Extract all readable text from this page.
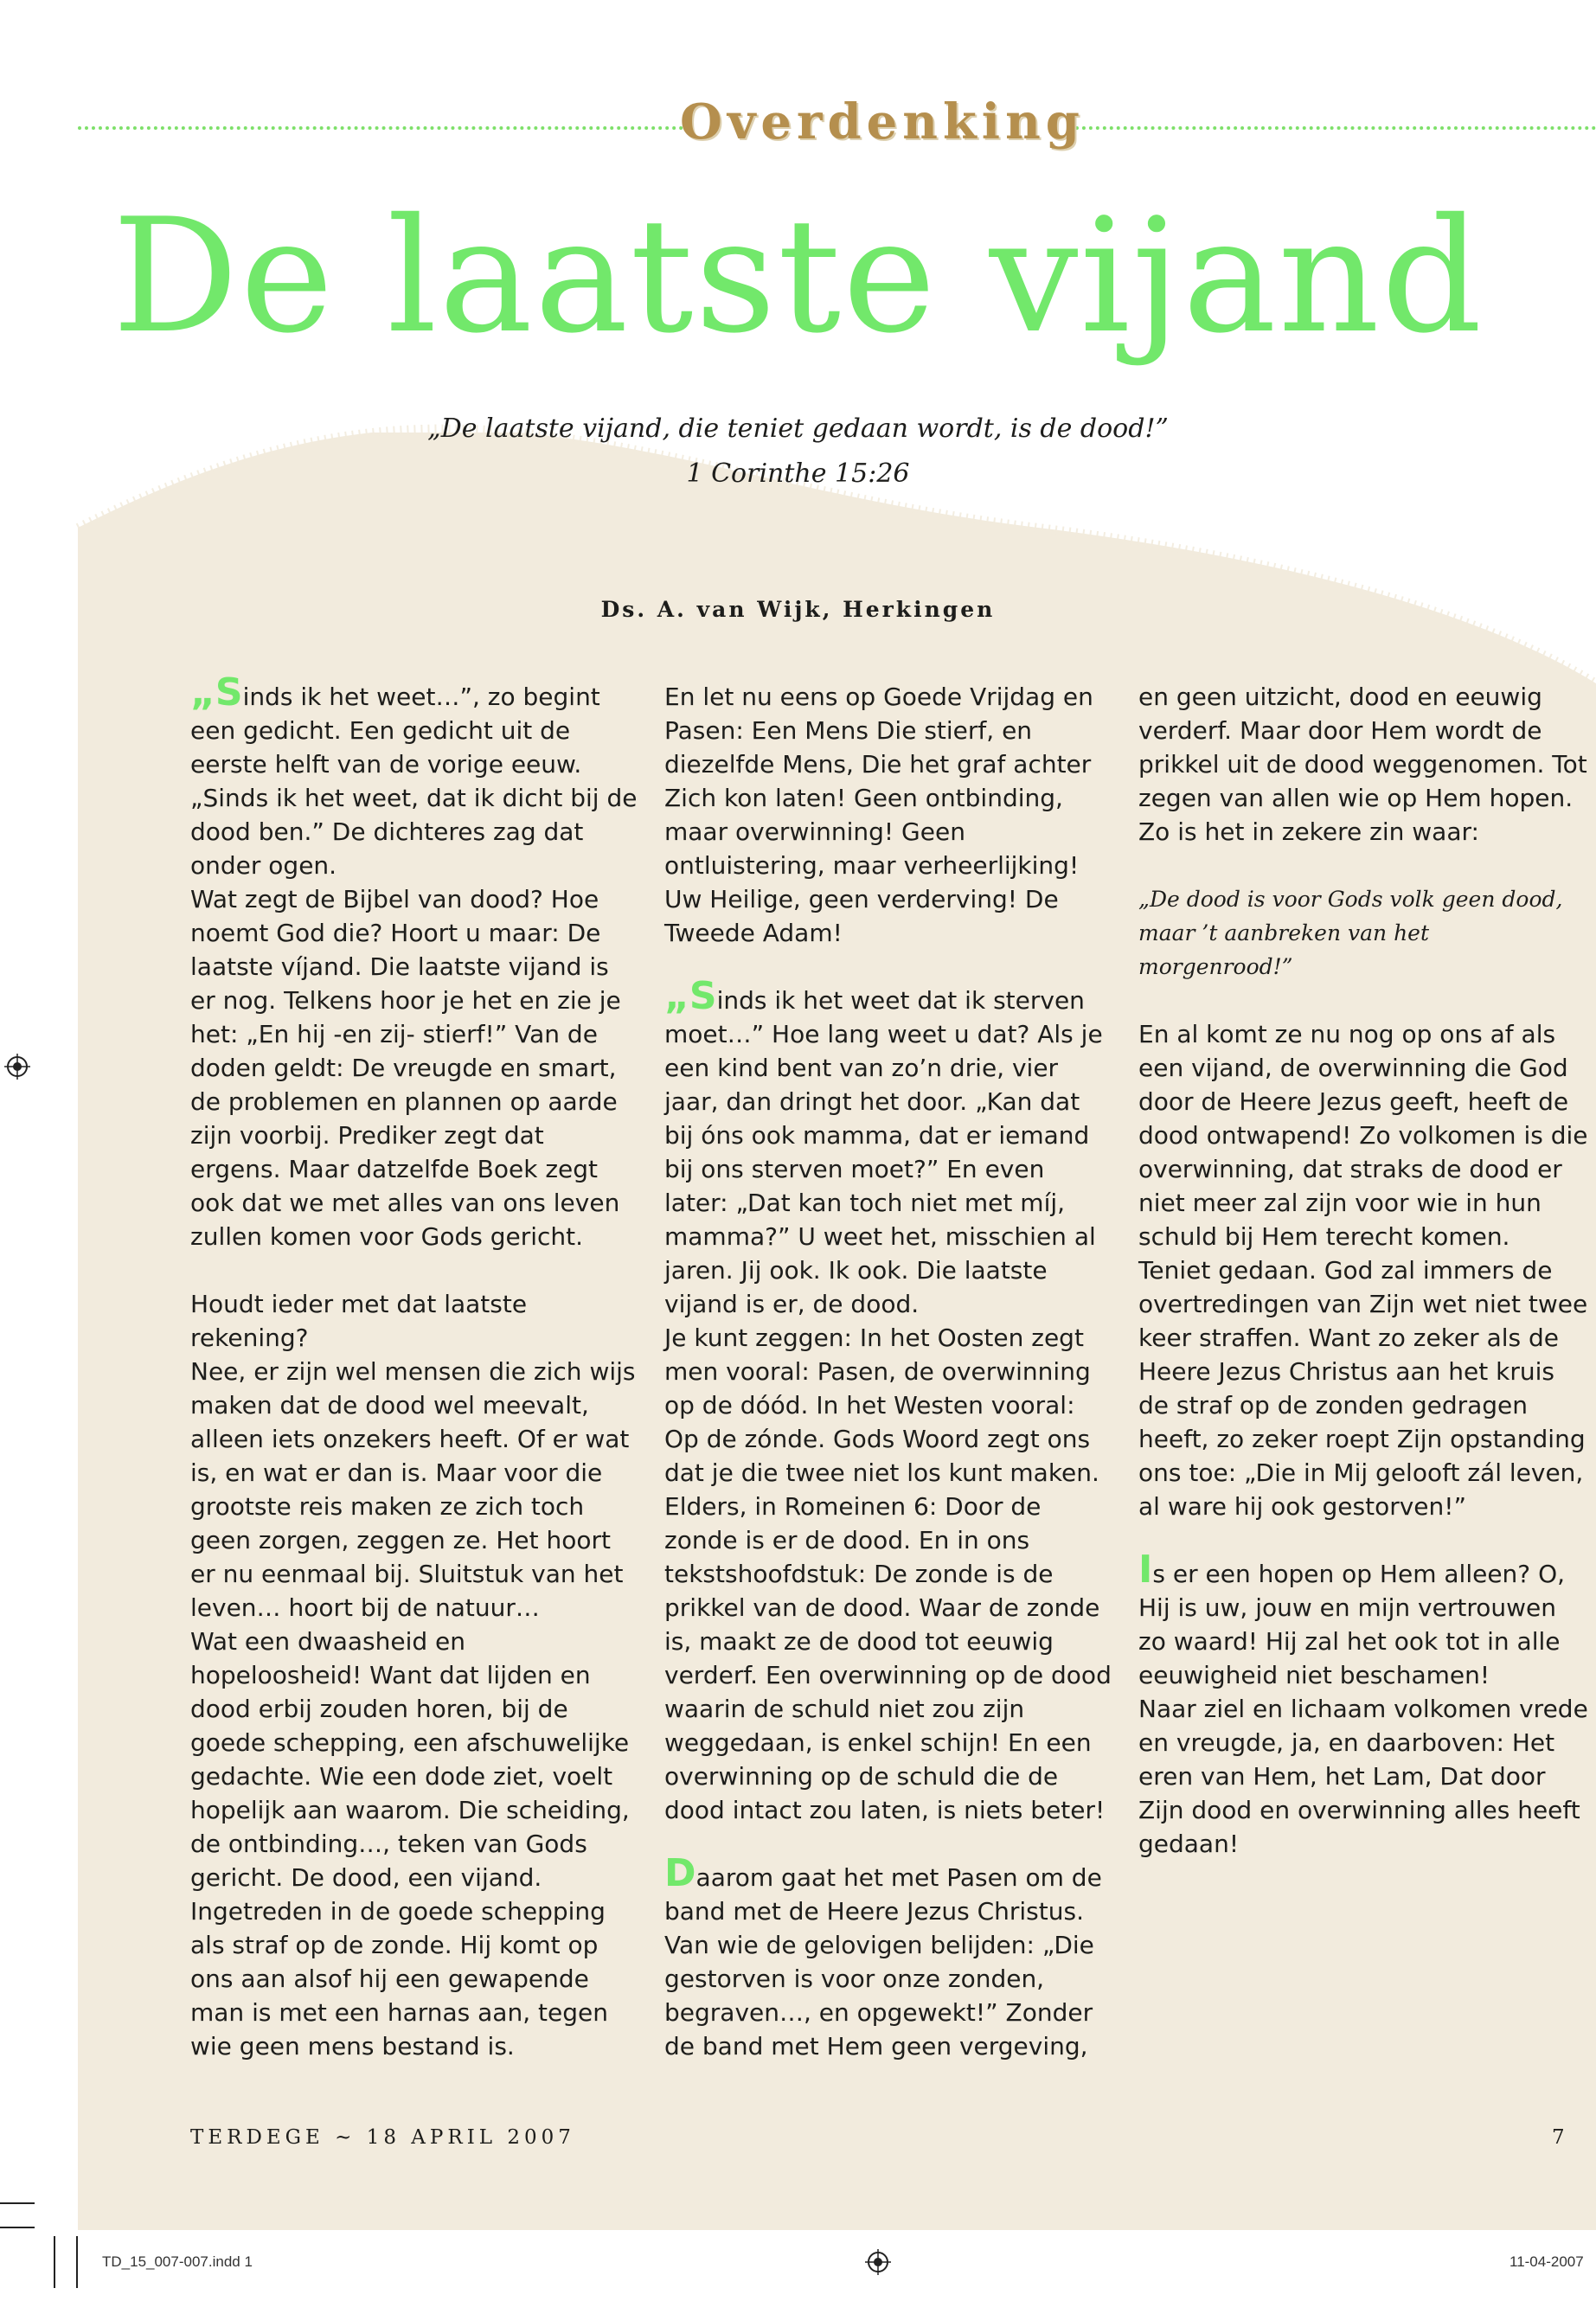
Overdenking
De laatste vijand
„De laatste vijand, die teniet gedaan wordt, is de dood!”
1 Corinthe 15:26
Ds. A. van Wijk, Herkingen

„Sinds ik het weet…”, zo begint een gedicht. Een gedicht uit de eerste helft van de vorige eeuw. „Sinds ik het weet, dat ik dicht bij de dood ben.” De dichteres zag dat onder ogen.

Wat zegt de Bijbel van dood? Hoe noemt God die? Hoort u maar: De laatste víjand. Die laatste vijand is er nog. Telkens hoor je het en zie je het: „En hij -en zij- stierf!” Van de doden geldt: De vreugde en smart, de problemen en plannen op aarde zijn voorbij. Prediker zegt dat ergens. Maar datzelfde Boek zegt ook dat we met alles van ons leven zullen komen voor Gods gericht.

Houdt ieder met dat laatste rekening?

Nee, er zijn wel mensen die zich wijs maken dat de dood wel meevalt, alleen iets onzekers heeft. Of er wat is, en wat er dan is. Maar voor die grootste reis maken ze zich toch geen zorgen, zeggen ze. Het hoort er nu eenmaal bij. Sluitstuk van het leven… hoort bij de natuur…

Wat een dwaasheid en hopeloosheid! Want dat lijden en dood erbij zouden horen, bij de goede schepping, een afschuwelijke gedachte. Wie een dode ziet, voelt hopelijk aan waarom. Die scheiding, de ontbinding…, teken van Gods gericht. De dood, een vijand. Ingetreden in de goede schepping als straf op de zonde. Hij komt op ons aan alsof hij een gewapende man is met een harnas aan, tegen wie geen mens bestand is.

En let nu eens op Goede Vrijdag en Pasen: Een Mens Die stierf, en diezelfde Mens, Die het graf achter Zich kon laten! Geen ontbinding, maar overwinning! Geen ontluistering, maar verheerlijking! Uw Heilige, geen verderving! De Tweede Adam!

„Sinds ik het weet dat ik sterven moet…” Hoe lang weet u dat? Als je een kind bent van zo’n drie, vier jaar, dan dringt het door. „Kan dat bij óns ook mamma, dat er iemand bij ons sterven moet?” En even later: „Dat kan toch niet met míj, mamma?” U weet het, misschien al jaren. Jij ook. Ik ook. Die laatste vijand is er, de dood.

Je kunt zeggen: In het Oosten zegt men vooral: Pasen, de overwinning op de dóód. In het Westen vooral: Op de zónde. Gods Woord zegt ons dat je die twee niet los kunt maken. Elders, in Romeinen 6: Door de zonde is er de dood. En in ons tekstshoofdstuk: De zonde is de prikkel van de dood. Waar de zonde is, maakt ze de dood tot eeuwig verderf. Een overwinning op de dood waarin de schuld niet zou zijn weggedaan, is enkel schijn! En een overwinning op de schuld die de dood intact zou laten, is niets beter!

Daarom gaat het met Pasen om de band met de Heere Jezus Christus. Van wie de gelovigen belijden: „Die gestorven is voor onze zonden, begraven…, en opgewekt!” Zonder de band met Hem geen vergeving,

en geen uitzicht, dood en eeuwig verderf. Maar door Hem wordt de prikkel uit de dood weggenomen. Tot zegen van allen wie op Hem hopen. Zo is het in zekere zin waar:

„De dood is voor Gods volk geen dood,

maar ’t aanbreken van het morgenrood!”

En al komt ze nu nog op ons af als een vijand, de overwinning die God door de Heere Jezus geeft, heeft de dood ontwapend! Zo volkomen is die overwinning, dat straks de dood er niet meer zal zijn voor wie in hun schuld bij Hem terecht komen. Teniet gedaan. God zal immers de overtredingen van Zijn wet niet twee keer straffen. Want zo zeker als de Heere Jezus Christus aan het kruis de straf op de zonden gedragen heeft, zo zeker roept Zijn opstanding ons toe: „Die in Mij gelooft zál leven, al ware hij ook gestorven!”

Is er een hopen op Hem alleen? O, Hij is uw, jouw en mijn vertrouwen zo waard! Hij zal het ook tot in alle eeuwigheid niet beschamen!

Naar ziel en lichaam volkomen vrede en vreugde, ja, en daarboven: Het eren van Hem, het Lam, Dat door Zijn dood en overwinning alles heeft gedaan!

TERDEGE ~ 18 APRIL 2007	7
TD_15_007-007.indd 1	11-04-2007
